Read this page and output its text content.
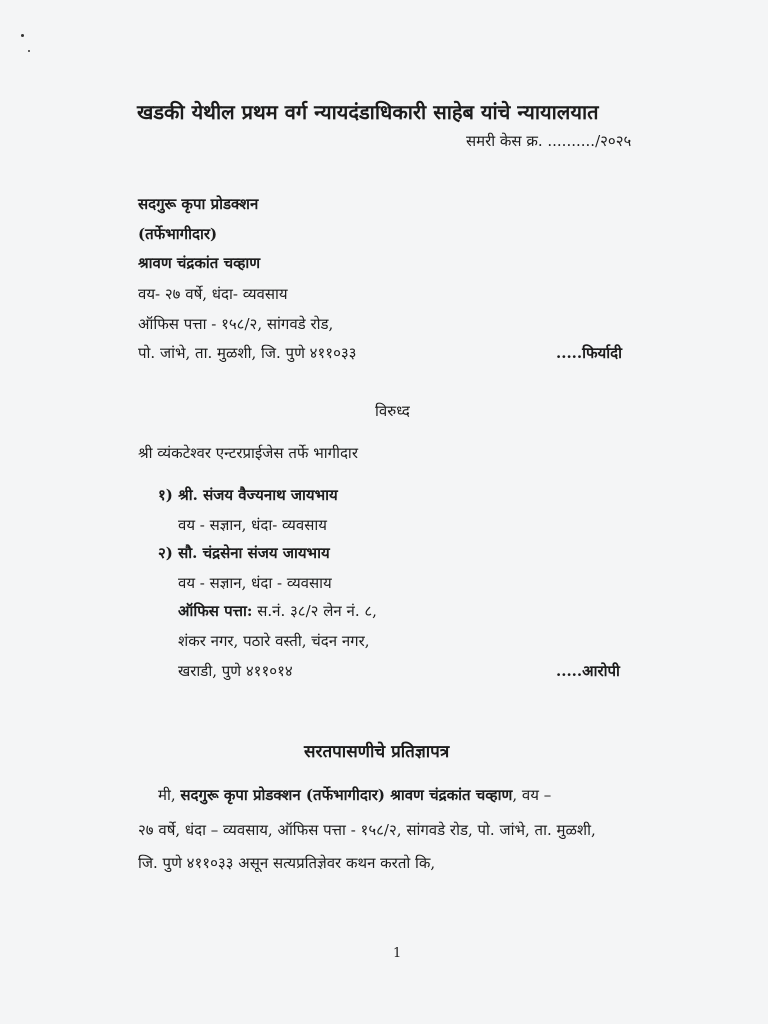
खडकी येथील प्रथम वर्ग न्यायदंडाधिकारी साहेब यांचे न्यायालयात
समरी केस क्र. ........../२०२५
सदगुरू कृपा प्रोडक्शन
(तर्फेभागीदार)
श्रावण चंद्रकांत चव्हाण
वय- २७ वर्षे, धंदा- व्यवसाय
ऑफिस पत्ता - १५८/२, सांगवडे रोड,
पो. जांभे, ता. मुळशी, जि. पुणे ४११०३३	.....फिर्यादी
विरुध्द
श्री व्यंकटेश्वर एन्टरप्राईजेस तर्फे भागीदार
१) श्री. संजय वैज्यनाथ जायभाय
वय - सज्ञान, धंदा- व्यवसाय
२) सौ. चंद्रसेना संजय जायभाय
वय - सज्ञान, धंदा - व्यवसाय
ऑफिस पत्ता: स.नं. ३८/२ लेन नं. ८,
शंकर नगर, पठारे वस्ती, चंदन नगर,
खराडी, पुणे ४११०१४	.....आरोपी
सरतपासणीचे प्रतिज्ञापत्र
मी, सदगुरू कृपा प्रोडक्शन (तर्फेभागीदार) श्रावण चंद्रकांत चव्हाण, वय –
२७ वर्षे, धंदा – व्यवसाय, ऑफिस पत्ता - १५८/२, सांगवडे रोड, पो. जांभे, ता. मुळशी,
जि. पुणे ४११०३३ असून सत्यप्रतिज्ञेवर कथन करतो कि,
1
